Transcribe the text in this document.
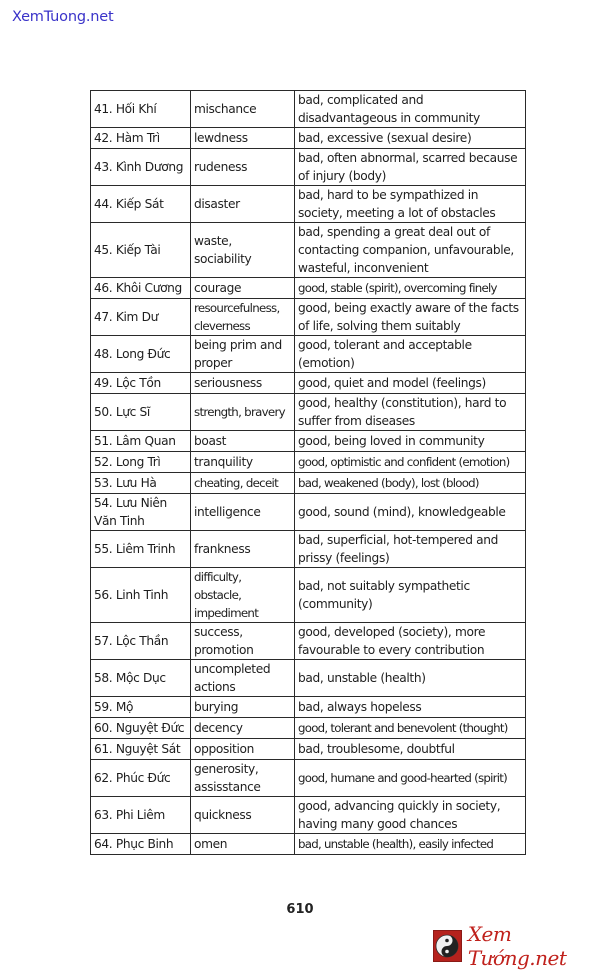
XemTuong.net
41. Hối Khí	mischance	bad, complicated and disadvantageous in community
42. Hàm Trì	lewdness	bad, excessive (sexual desire)
43. Kình Dương	rudeness	bad, often abnormal, scarred because of injury (body)
44. Kiếp Sát	disaster	bad, hard to be sympathized in society, meeting a lot of obstacles
45. Kiếp Tài	waste, sociability	bad, spending a great deal out of contacting companion, unfavourable, wasteful, inconvenient
46. Khôi Cương	courage	good, stable (spirit), overcoming finely
47. Kim Dư	resourcefulness, cleverness	good, being exactly aware of the facts of life, solving them suitably
48. Long Đức	being prim and proper	good, tolerant and acceptable (emotion)
49. Lộc Tồn	seriousness	good, quiet and model (feelings)
50. Lực Sĩ	strength, bravery	good, healthy (constitution), hard to suffer from diseases
51. Lâm Quan	boast	good, being loved in community
52. Long Trì	tranquility	good, optimistic and confident (emotion)
53. Lưu Hà	cheating, deceit	bad, weakened (body), lost (blood)
54. Lưu Niên Văn Tinh	intelligence	good, sound (mind), knowledgeable
55. Liêm Trinh	frankness	bad, superficial, hot-tempered and prissy (feelings)
56. Linh Tinh	difficulty, obstacle, impediment	bad, not suitably sympathetic (community)
57. Lộc Thần	success, promotion	good, developed (society), more favourable to every contribution
58. Mộc Dục	uncompleted actions	bad, unstable (health)
59. Mộ	burying	bad, always hopeless
60. Nguyệt Đức	decency	good, tolerant and benevolent (thought)
61. Nguyệt Sát	opposition	bad, troublesome, doubtful
62. Phúc Đức	generosity, assisstance	good, humane and good-hearted (spirit)
63. Phi Liêm	quickness	good, advancing quickly in society, having many good chances
64. Phục Binh	omen	bad, unstable (health), easily infected
610
Xem Tướng.net
